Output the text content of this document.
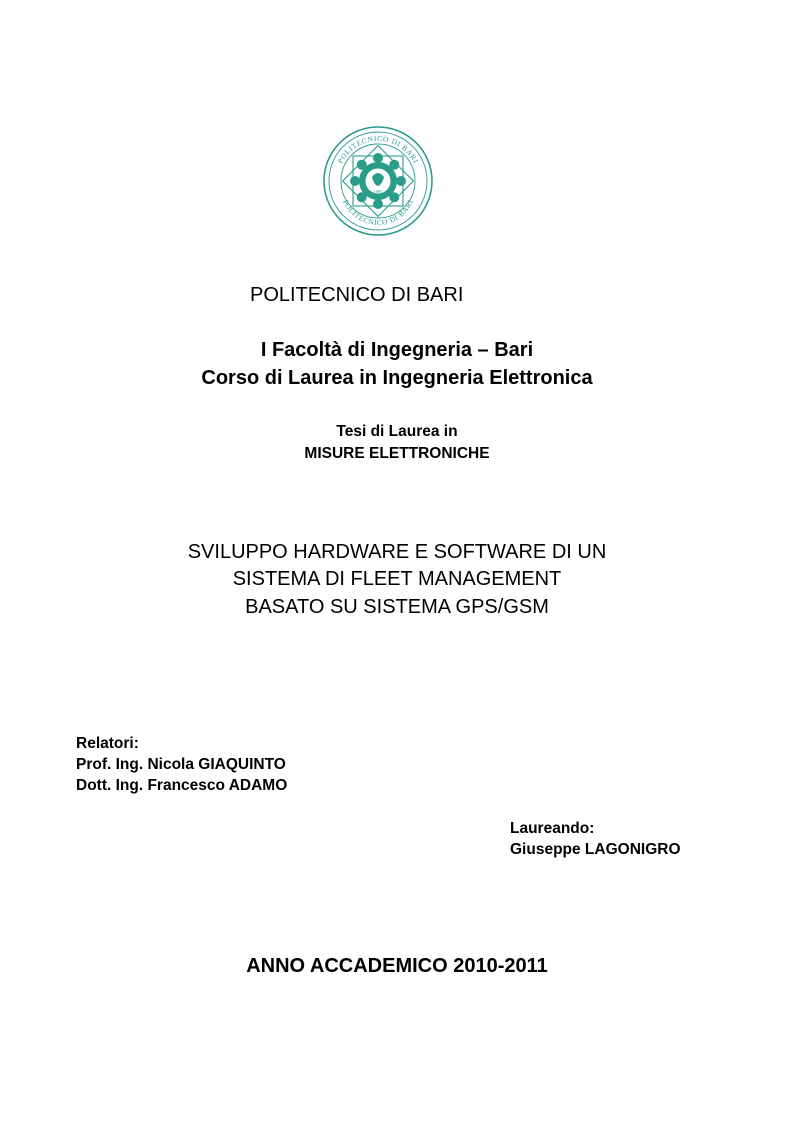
POLITECNICO DI BARI
POLITECNICO DI BARI
1990
POLITECNICO DI BARI
I Facoltà di Ingegneria – Bari
Corso di Laurea in Ingegneria Elettronica
Tesi di Laurea in
MISURE ELETTRONICHE
SVILUPPO HARDWARE E SOFTWARE DI UN
SISTEMA DI FLEET MANAGEMENT
BASATO SU SISTEMA GPS/GSM
Relatori:
Prof. Ing. Nicola GIAQUINTO
Dott. Ing. Francesco ADAMO
Laureando:
Giuseppe LAGONIGRO
ANNO ACCADEMICO 2010-2011
